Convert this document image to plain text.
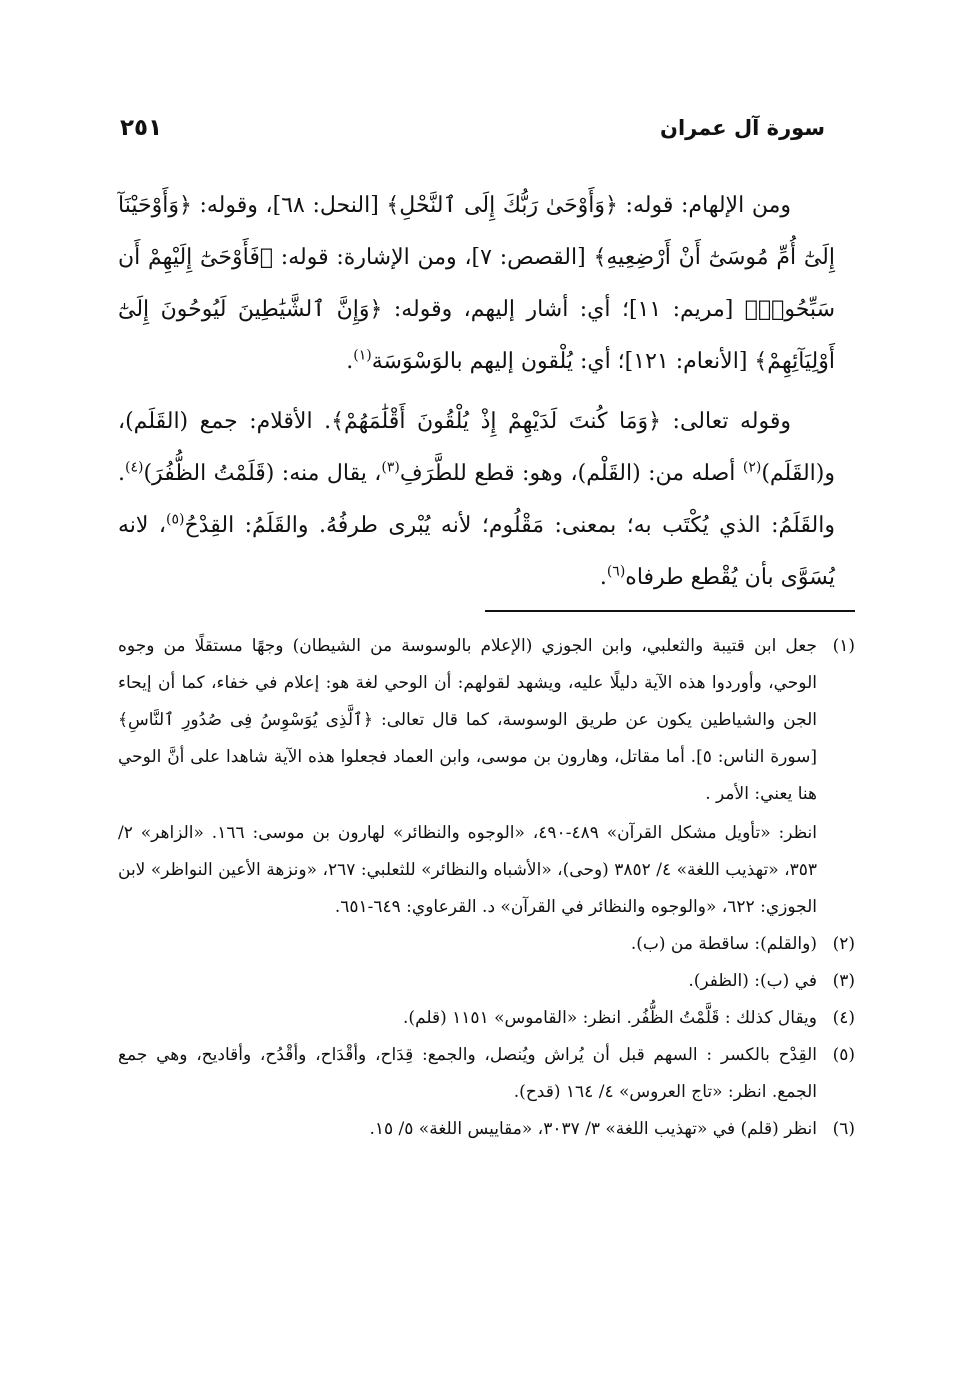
سورة آل عمران
٢٥١

ومن الإلهام: قوله: ﴿وَأَوْحَىٰ رَبُّكَ إِلَى ٱلنَّحْلِ﴾ [النحل: ٦٨]، وقوله: ﴿وَأَوْحَيْنَآ إِلَىٰٓ أُمِّ مُوسَىٰٓ أَنْ أَرْضِعِيهِ﴾ [القصص: ٧]، ومن الإشارة: قوله: ﴿فَأَوْحَىٰٓ إِلَيْهِمْ أَن سَبِّحُوا۟﴾ [مريم: ١١]؛ أي: أشار إليهم، وقوله: ﴿وَإِنَّ ٱلشَّيَٰطِينَ لَيُوحُونَ إِلَىٰٓ أَوْلِيَآئِهِمْ﴾ [الأنعام: ١٢١]؛ أي: يُلْقون إليهم بالوَسْوَسَة$^{(١)}$.

وقوله تعالى: ﴿وَمَا كُنتَ لَدَيْهِمْ إِذْ يُلْقُونَ أَقْلَٰمَهُمْ﴾. الأقلام: جمع (القَلَم)، و(القَلَم)$^{(٢)}$ أصله من: (القَلْم)، وهو: قطع للطَّرَفِ$^{(٣)}$، يقال منه: (قَلَمْتُ الظُّفُرَ)$^{(٤)}$. والقَلَمُ: الذي يُكْتَب به؛ بمعنى: مَقْلُوم؛ لأنه يُبْرى طرفُهُ. والقَلَمُ: القِدْحُ$^{(٥)}$، لانه يُسَوَّى بأن يُقْطع طرفاه$^{(٦)}$.

(١)

جعل ابن قتيبة والثعلبي، وابن الجوزي (الإعلام بالوسوسة من الشيطان) وجهًا مستقلًا من وجوه الوحي، وأوردوا هذه الآية دليلًا عليه، ويشهد لقولهم: أن الوحي لغة هو: إعلام في خفاء، كما أن إيحاء الجن والشياطين يكون عن طريق الوسوسة، كما قال تعالى: ﴿ٱلَّذِى يُوَسْوِسُ فِى صُدُورِ ٱلنَّاسِ﴾ [سورة الناس: ٥]. أما مقاتل، وهارون بن موسى، وابن العماد فجعلوا هذه الآية شاهدا على أنَّ الوحي هنا يعني: الأمر .

انظر: «تأويل مشكل القرآن» ٤٨٩-٤٩٠، «الوجوه والنظائر» لهارون بن موسى: ١٦٦. «الزاهر» ٢/ ٣٥٣، «تهذيب اللغة» ٤/ ٣٨٥٢ (وحى)، «الأشباه والنظائر» للثعلبي: ٢٦٧، «ونزهة الأعين النواظر» لابن الجوزي: ٦٢٢، «والوجوه والنظائر في القرآن» د. القرعاوي: ٦٤٩-٦٥١.

(٢)

(والقلم): ساقطة من (ب).

(٣)

في (ب): (الظفر).

(٤)

ويقال كذلك : قَلَّمْتُ الظُّفُر. انظر: «القاموس» ١١٥١ (قلم).

(٥)

القِدْح بالكسر : السهم قبل أن يُراش ويُنصل، والجمع: قِدَاح، وأقْدَاح، وأقْدُح، وأقاديح، وهي جمع الجمع. انظر: «تاج العروس» ٤/ ١٦٤ (قدح).

(٦)

انظر (قلم) في «تهذيب اللغة» ٣/ ٣٠٣٧، «مقاييس اللغة» ٥/ ١٥.
